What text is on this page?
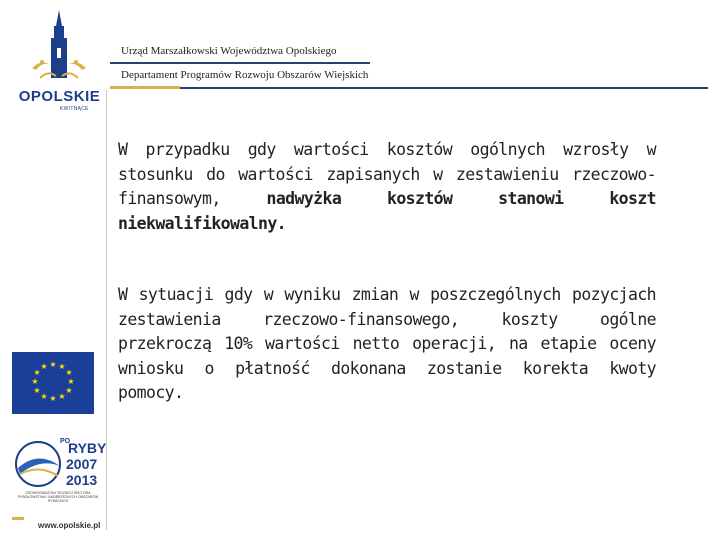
OPOLSKIE
KWITNĄCE
Urząd Marszałkowski Województwa Opolskiego
Departament Programów Rozwoju Obszarów Wiejskich
W przypadku gdy wartości kosztów ogólnych wzrosły w stosunku do wartości zapisanych w zestawieniu rzeczowo-finansowym, nadwyżka kosztów stanowi koszt niekwalifikowalny.
W sytuacji gdy w wyniku zmian w poszczególnych pozycjach zestawienia rzeczowo-finansowego, koszty ogólne przekroczą 10% wartości netto operacji, na etapie oceny wniosku o płatność dokonana zostanie korekta kwoty pomocy.
★ ★
★
★
★
★
★
★
★
★
★
★
PO
RYBY
2007
2013
ZRÓWNOWAŻONY ROZWÓJ SEKTORA RYBOŁÓWSTWA I NADBRZEŻNYCH OBSZARÓW RYBACKICH
www.opolskie.pl
